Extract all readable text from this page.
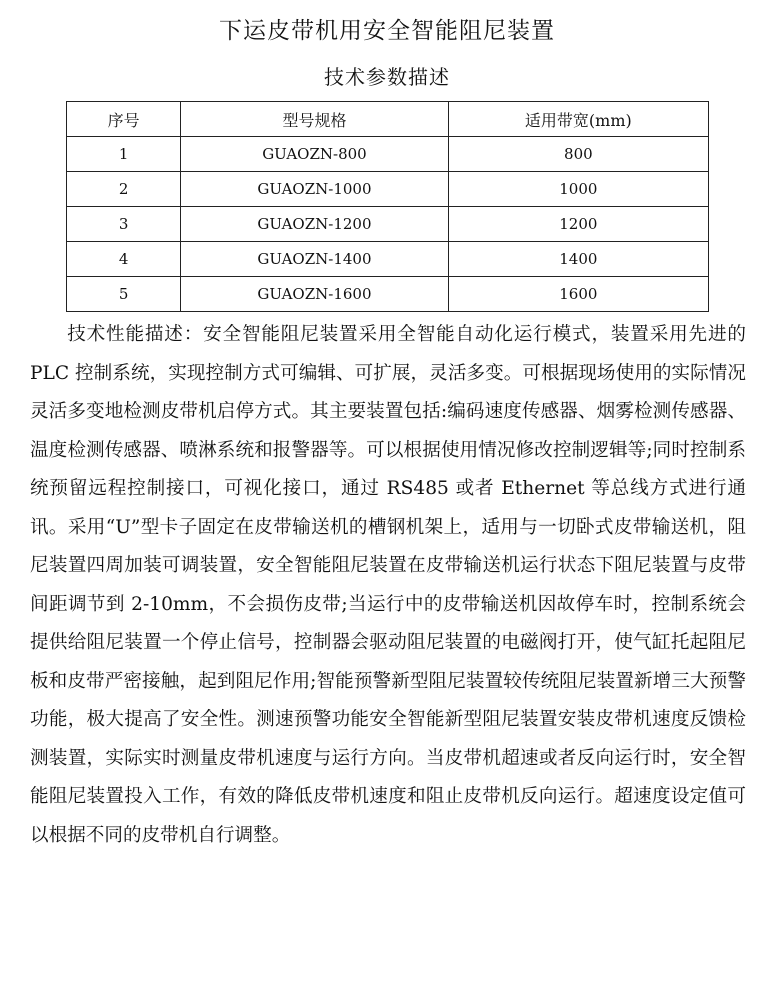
下运皮带机用安全智能阻尼装置
技术参数描述
序号	型号规格	适用带宽(mm)
1	GUAOZN-800	800
2	GUAOZN-1000	1000
3	GUAOZN-1200	1200
4	GUAOZN-1400	1400
5	GUAOZN-1600	1600

技术性能描述：安全智能阻尼装置采用全智能自动化运行模式，装置采用先进的 PLC 控制系统，实现控制方式可编辑、可扩展，灵活多变。可根据现场使用的实际情况灵活多变地检测皮带机启停方式。其主要装置包括:编码速度传感器、烟雾检测传感器、温度检测传感器、喷淋系统和报警器等。可以根据使用情况修改控制逻辑等;同时控制系统预留远程控制接口，可视化接口，通过 RS485 或者 Ethernet 等总线方式进行通讯。采用“U”型卡子固定在皮带输送机的槽钢机架上，适用与一切卧式皮带输送机，阻尼装置四周加装可调装置，安全智能阻尼装置在皮带输送机运行状态下阻尼装置与皮带间距调节到 2-10mm，不会损伤皮带;当运行中的皮带输送机因故停车时，控制系统会提供给阻尼装置一个停止信号，控制器会驱动阻尼装置的电磁阀打开，使气缸托起阻尼板和皮带严密接触，起到阻尼作用;智能预警新型阻尼装置较传统阻尼装置新增三大预警功能，极大提高了安全性。测速预警功能安全智能新型阻尼装置安装皮带机速度反馈检测装置，实际实时测量皮带机速度与运行方向。当皮带机超速或者反向运行时，安全智能阻尼装置投入工作，有效的降低皮带机速度和阻止皮带机反向运行。超速度设定值可以根据不同的皮带机自行调整。
